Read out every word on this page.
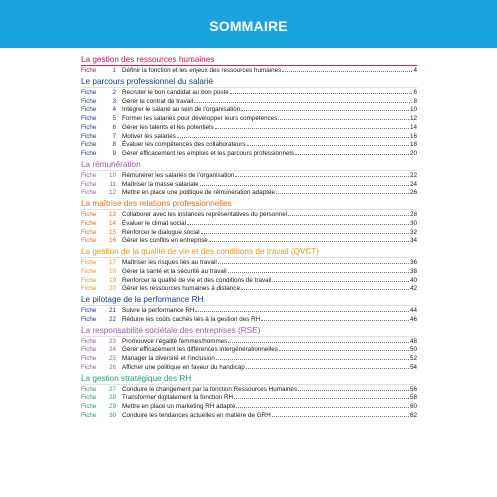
SOMMAIRE
La gestion des ressources humaines
Fiche	1 Définir la fonction et les enjeux des ressources humaines	4
Le parcours professionnel du salarié
Fiche	2 Recruter le bon candidat au bon poste	6
Fiche	3 Gérer le contrat de travail	8
Fiche	4 Intégrer le salarié au sein de l’organisation	10
Fiche	5 Former les salariés pour développer leurs compétences	12
Fiche	6 Gérer les talents et les potentiels	14
Fiche	7 Motiver les salariés	16
Fiche	8 Évaluer les compétences des collaborateurs	18
Fiche	9 Gérer efficacement les emplois et les parcours professionnels	20
La rémunération
Fiche	10 Rémunérer les salariés de l’organisation	22
Fiche	11 Maîtriser la masse salariale	24
Fiche	12 Mettre en place une politique de rémunération adaptée	26
La maîtrise des relations professionnelles
Fiche	13 Collaborer avec les instances représentatives du personnel	28
Fiche	14 Évaluer le climat social	30
Fiche	15 Renforcer le dialogue social	32
Fiche	16 Gérer les conflits en entreprise	34
La gestion de la qualité de vie et des conditions de travail (QVCT)
Fiche	17 Maîtriser les risques liés au travail	36
Fiche	18 Gérer la santé et la sécurité au travail	38
Fiche	19 Renforcer la qualité de vie et des conditions de travail	40
Fiche	20 Gérer les ressources humaines à distance	42
Le pilotage de la performance RH
Fiche	21 Suivre la performance RH	44
Fiche	22 Réduire les coûts cachés liés à la gestion des RH	46
La responsabilité sociétale des entreprises (RSE)
Fiche	23 Promouvoir l’égalité femmes/hommes	48
Fiche	24 Gérer efficacement les différences intergénérationnelles	50
Fiche	25 Manager la diversité et l’inclusion	52
Fiche	26 Afficher une politique en faveur du handicap	54
La gestion stratégique des RH
Fiche	27 Conduire le changement par la fonction Ressources Humaines	56
Fiche	28 Transformer digitalement la fonction RH	58
Fiche	29 Mettre en place un marketing RH adapté	60
Fiche	30 Conduire les tendances actuelles en matière de GRH	62
